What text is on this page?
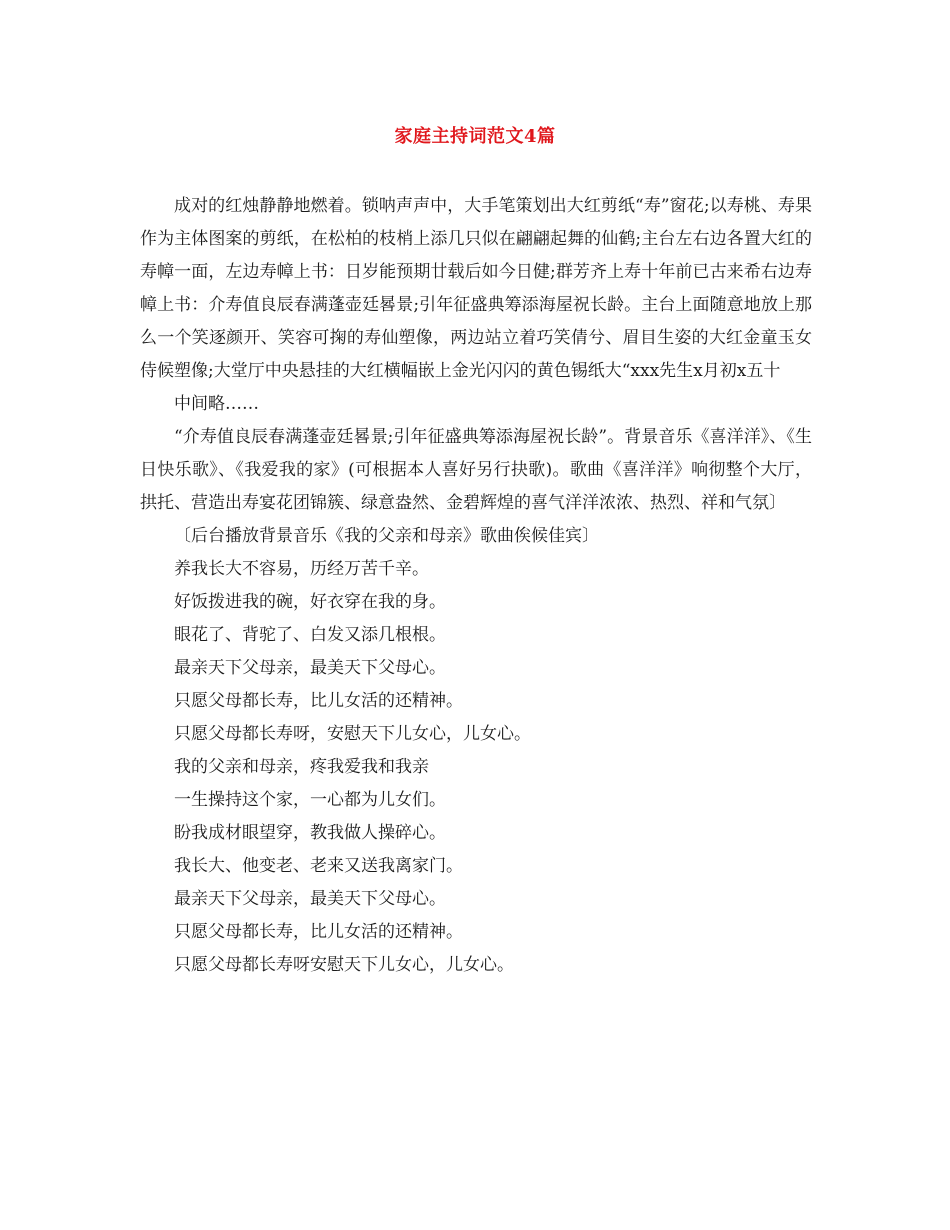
家庭主持词范文4篇

成对的红烛静静地燃着。锁呐声声中，大手笔策划出大红剪纸“寿”窗花;以寿桃、寿果作为主体图案的剪纸，在松柏的枝梢上添几只似在翩翩起舞的仙鹤;主台左右边各置大红的寿幛一面，左边寿幛上书：日岁能预期廿载后如今日健;群芳齐上寿十年前已古来希右边寿幛上书：介寿值良辰春满蓬壶廷晷景;引年征盛典筹添海屋祝长龄。主台上面随意地放上那么一个笑逐颜开、笑容可掬的寿仙塑像，两边站立着巧笑倩兮、眉目生姿的大红金童玉女侍候塑像;大堂厅中央悬挂的大红横幅嵌上金光闪闪的黄色锡纸大“xxx先生x月初x五十

中间略……

“介寿值良辰春满蓬壶廷晷景;引年征盛典筹添海屋祝长龄”。背景音乐《喜洋洋》、《生日快乐歌》、《我爱我的家》(可根据本人喜好另行抉歌)。歌曲《喜洋洋》响彻整个大厅，拱托、营造出寿宴花团锦簇、绿意盎然、金碧辉煌的喜气洋洋浓浓、热烈、祥和气氛〕

〔后台播放背景音乐《我的父亲和母亲》歌曲俟候佳宾〕

养我长大不容易，历经万苦千辛。

好饭拨进我的碗，好衣穿在我的身。

眼花了、背驼了、白发又添几根根。

最亲天下父母亲，最美天下父母心。

只愿父母都长寿，比儿女活的还精神。

只愿父母都长寿呀，安慰天下儿女心，儿女心。

我的父亲和母亲，疼我爱我和我亲

一生操持这个家，一心都为儿女们。

盼我成材眼望穿，教我做人操碎心。

我长大、他变老、老来又送我离家门。

最亲天下父母亲，最美天下父母心。

只愿父母都长寿，比儿女活的还精神。

只愿父母都长寿呀安慰天下儿女心，儿女心。
